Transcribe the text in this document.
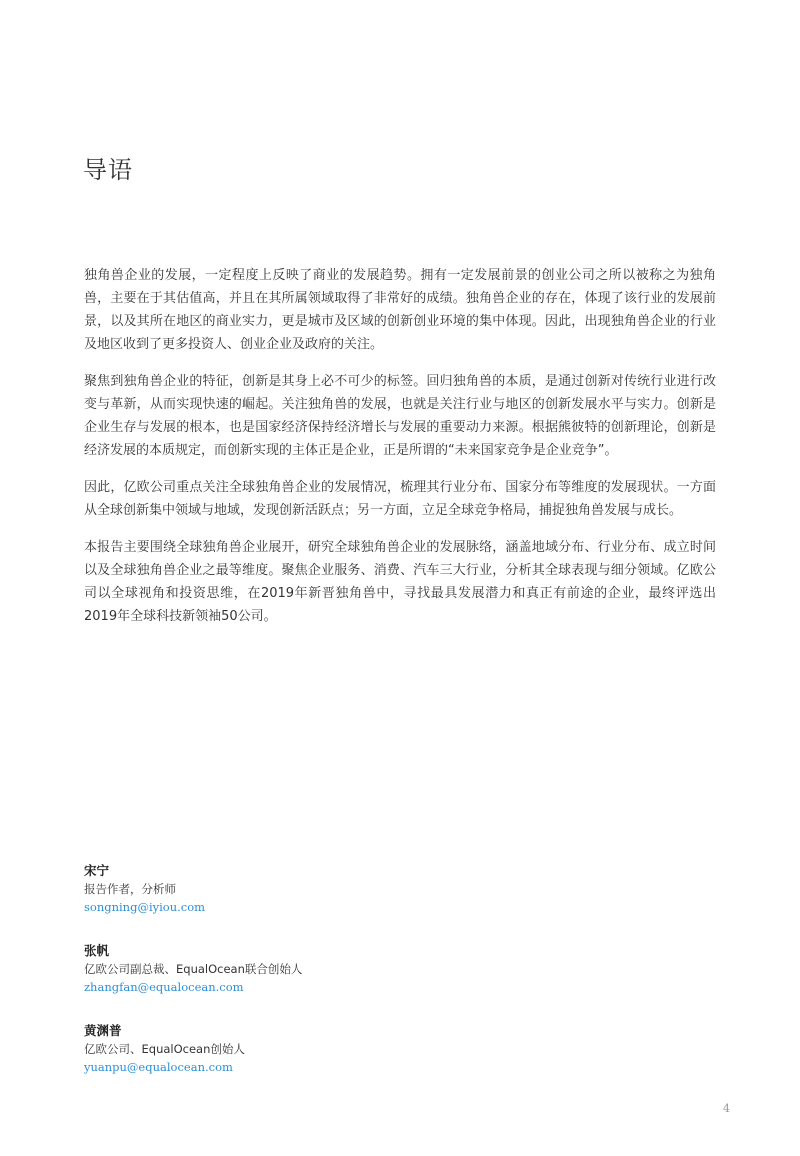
导语

独角兽企业的发展，一定程度上反映了商业的发展趋势。拥有一定发展前景的创业公司之所以被称之为独角兽，主要在于其估值高，并且在其所属领域取得了非常好的成绩。独角兽企业的存在，体现了该行业的发展前景，以及其所在地区的商业实力，更是城市及区域的创新创业环境的集中体现。因此，出现独角兽企业的行业及地区收到了更多投资人、创业企业及政府的关注。

聚焦到独角兽企业的特征，创新是其身上必不可少的标签。回归独角兽的本质，是通过创新对传统行业进行改变与革新，从而实现快速的崛起。关注独角兽的发展，也就是关注行业与地区的创新发展水平与实力。创新是企业生存与发展的根本，也是国家经济保持经济增长与发展的重要动力来源。根据熊彼特的创新理论，创新是经济发展的本质规定，而创新实现的主体正是企业，正是所谓的“未来国家竞争是企业竞争”。

因此，亿欧公司重点关注全球独角兽企业的发展情况，梳理其行业分布、国家分布等维度的发展现状。一方面从全球创新集中领域与地域，发现创新活跃点；另一方面，立足全球竞争格局，捕捉独角兽发展与成长。

本报告主要围绕全球独角兽企业展开，研究全球独角兽企业的发展脉络，涵盖地域分布、行业分布、成立时间以及全球独角兽企业之最等维度。聚焦企业服务、消费、汽车三大行业，分析其全球表现与细分领域。亿欧公司以全球视角和投资思维，在2019年新晋独角兽中，寻找最具发展潜力和真正有前途的企业，最终评选出2019年全球科技新领袖50公司。

宋宁
报告作者，分析师
songning@iyiou.com
张帆
亿欧公司副总裁、EqualOcean联合创始人
zhangfan@equalocean.com
黄渊普
亿欧公司、EqualOcean创始人
yuanpu@equalocean.com
4
